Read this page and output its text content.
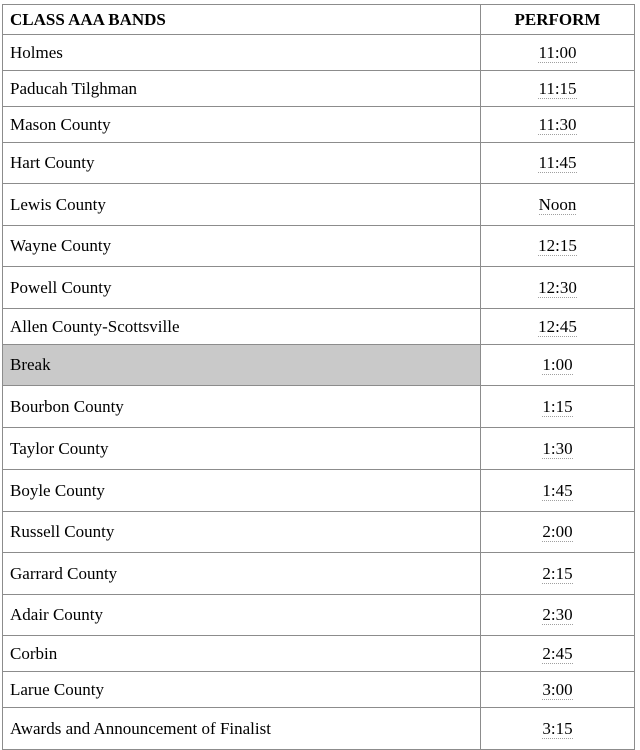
CLASS AAA BANDS	PERFORM
Holmes	11:00
Paducah Tilghman	11:15
Mason County	11:30
Hart County	11:45
Lewis County	Noon
Wayne County	12:15
Powell County	12:30
Allen County-Scottsville	12:45
Break	1:00
Bourbon County	1:15
Taylor County	1:30
Boyle County	1:45
Russell County	2:00
Garrard County	2:15
Adair County	2:30
Corbin	2:45
Larue County	3:00
Awards and Announcement of Finalist	3:15
